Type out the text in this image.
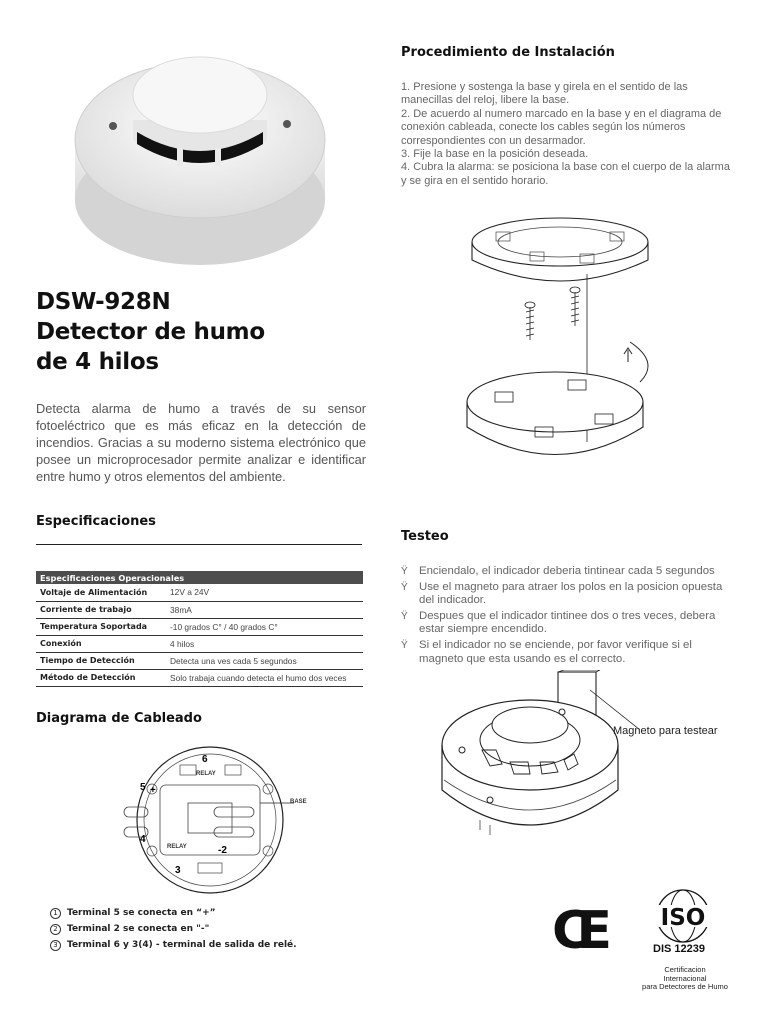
DSW-928N
Detector de humo
de 4 hilos

Detecta alarma de humo a través de su sensor fotoeléctrico que es más eficaz en la detección de incendios. Gracias a su moderno sistema electrónico que posee un microprocesador permite analizar e identificar entre humo y otros elementos del ambiente.

Especificaciones
Especificaciones Operacionales	
Voltaje de Alimentación	12V a 24V
Corriente de trabajo	38mA
Temperatura Soportada	-10 grados C° / 40 grados C°
Conexión	4 hilos
Tiempo de Detección	Detecta una ves cada 5 segundos
Método de Detección	Solo trabaja cuando detecta el humo dos veces
Diagrama de Cableado
6
5 +
4
3
-2
RELAY
RELAY
BASE
1	Terminal 5 se conecta en “+”
2	Terminal 2 se conecta en "-"
3	Terminal 6 y 3(4) - terminal de salida de relé.
Procedimiento de Instalación
1. Presione y sostenga la base y girela en el sentido de las manecillas del reloj, libere la base.
2. De acuerdo al numero marcado en la base y en el diagrama de conexión cableada, conecte los cables según los números correspondientes con un desarmador.
3. Fije la base en la posición deseada.
4. Cubra la alarma: se posiciona la base con el cuerpo de la alarma y se gira en el sentido horario.
Testeo
Ÿ Enciendalo, el indicador deberia tintinear cada 5 segundos
Ÿ Use el magneto para atraer los polos en la posicion opuesta del indicador.
Ÿ Despues que el indicador tintinee dos o tres veces, debera estar siempre encendido.
Ÿ Si el indicador no se enciende, por favor verifique si el magneto que esta usando es el correcto.
Magneto para testear
CE ISO
DIS 12239
Certificacion
Internacional
para Detectores de Humo
